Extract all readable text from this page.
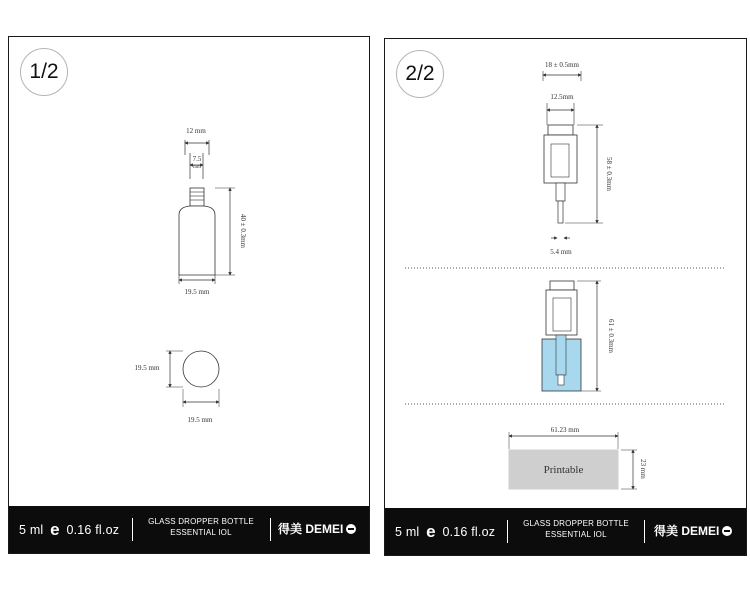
1/2
12 mm
7.5
mm
40 ± 0.3mm
19.5 mm
19.5 mm
19.5 mm
5 ml e 0.16 fl.oz
GLASS DROPPER BOTTLE
ESSENTIAL IOL	得美 DEMEI
2/2	18 ± 0.5mm
12.5mm
58 ± 0.3mm
5.4 mm
61 ± 0.3mm
61.23 mm
Printable	23 mm
5 ml e 0.16 fl.oz
GLASS DROPPER BOTTLE
ESSENTIAL IOL	得美 DEMEI
